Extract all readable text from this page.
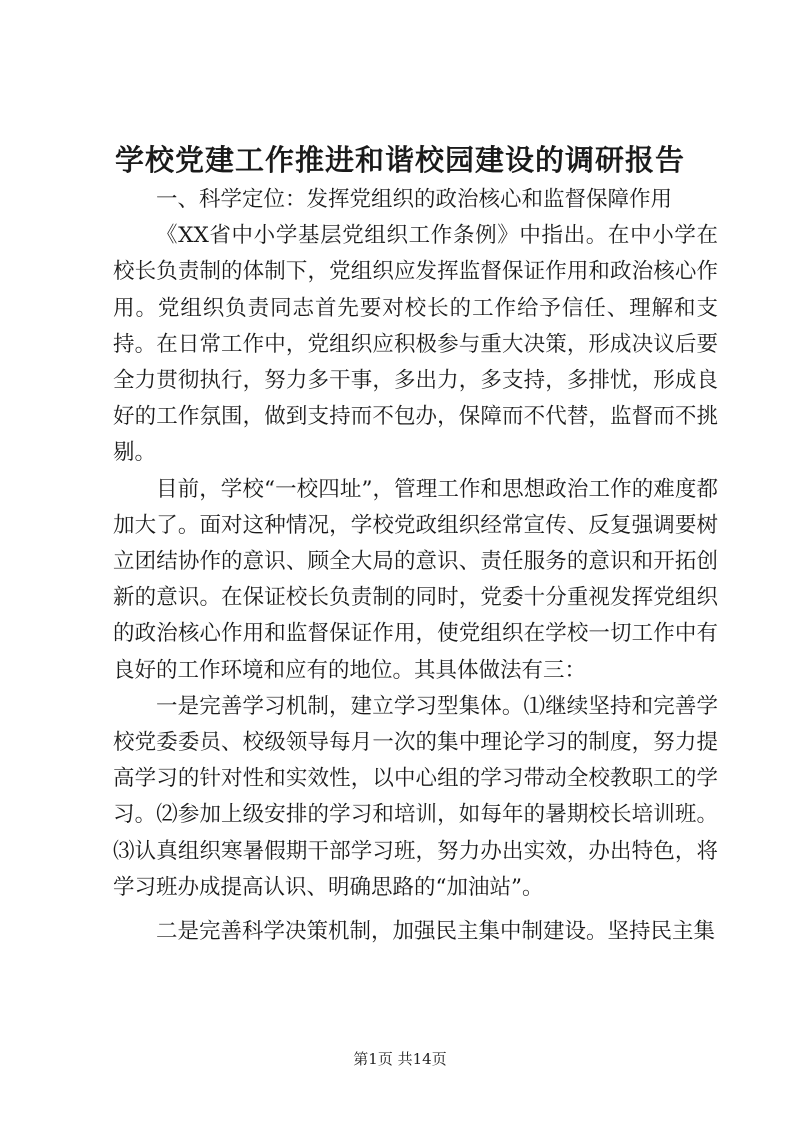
学校党建工作推进和谐校园建设的调研报告

一、科学定位：发挥党组织的政治核心和监督保障作用

《XX省中小学基层党组织工作条例》中指出。在中小学在校长负责制的体制下，党组织应发挥监督保证作用和政治核心作用。党组织负责同志首先要对校长的工作给予信任、理解和支持。在日常工作中，党组织应积极参与重大决策，形成决议后要全力贯彻执行，努力多干事，多出力，多支持，多排忧，形成良好的工作氛围，做到支持而不包办，保障而不代替，监督而不挑剔。

目前，学校“一校四址”，管理工作和思想政治工作的难度都加大了。面对这种情况，学校党政组织经常宣传、反复强调要树立团结协作的意识、顾全大局的意识、责任服务的意识和开拓创新的意识。在保证校长负责制的同时，党委十分重视发挥党组织的政治核心作用和监督保证作用，使党组织在学校一切工作中有良好的工作环境和应有的地位。其具体做法有三：

一是完善学习机制，建立学习型集体。⑴继续坚持和完善学校党委委员、校级领导每月一次的集中理论学习的制度，努力提高学习的针对性和实效性，以中心组的学习带动全校教职工的学习。⑵参加上级安排的学习和培训，如每年的暑期校长培训班。⑶认真组织寒暑假期干部学习班，努力办出实效，办出特色，将学习班办成提高认识、明确思路的“加油站”。

二是完善科学决策机制，加强民主集中制建设。坚持民主集

第1页 共14页
